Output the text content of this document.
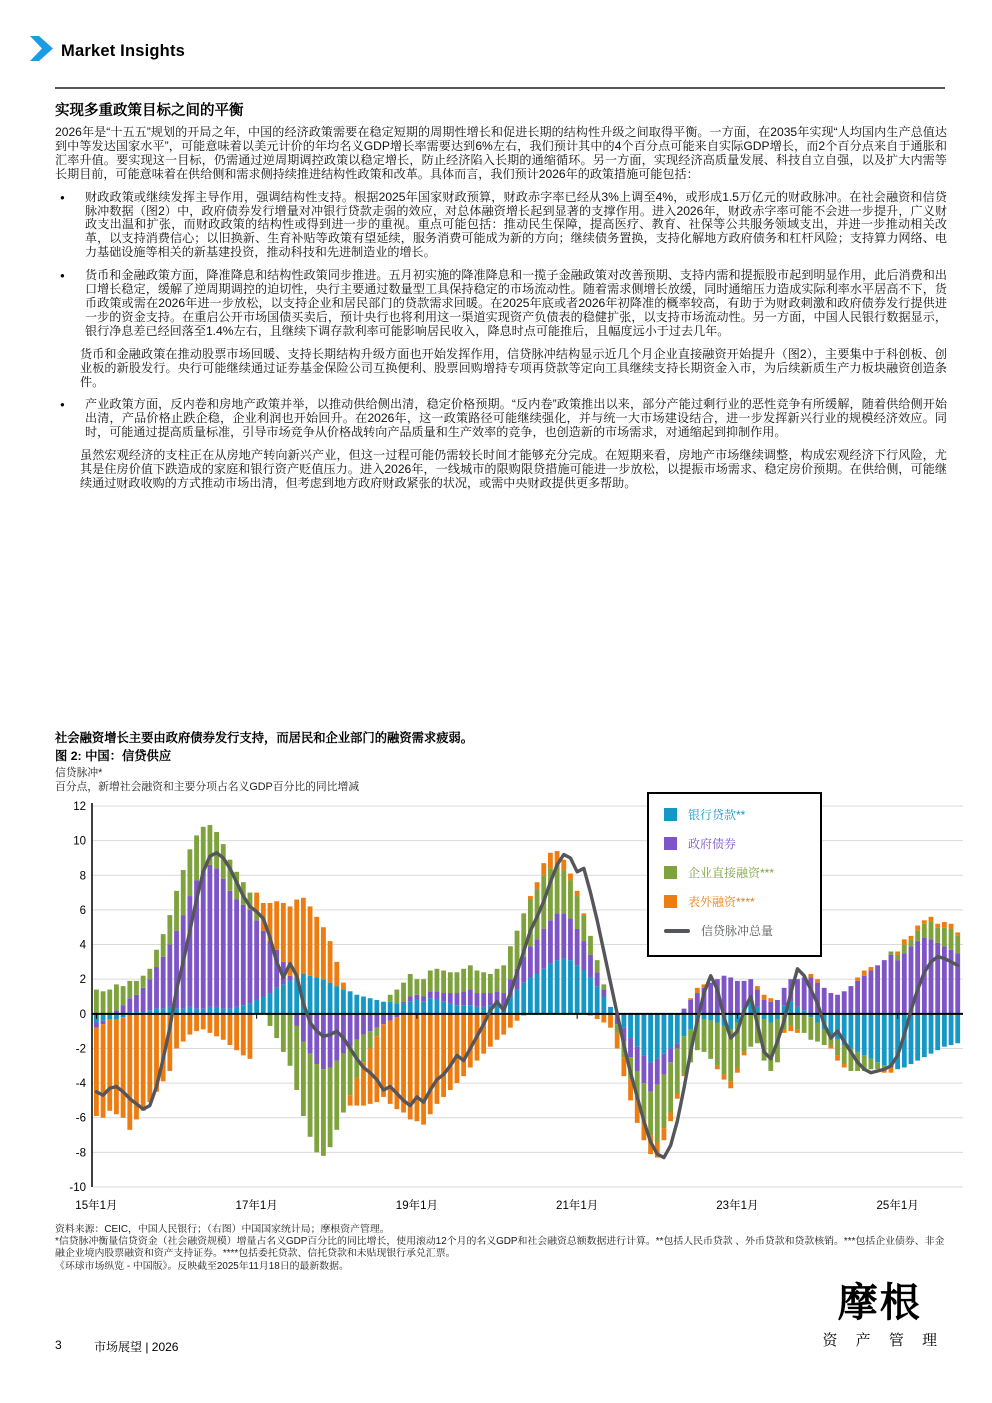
Market Insights
实现多重政策目标之间的平衡

2026年是“十五五”规划的开局之年，中国的经济政策需要在稳定短期的周期性增长和促进长期的结构性升级之间取得平衡。一方面，在2035年实现“人均国内生产总值达到中等发达国家水平”，可能意味着以美元计价的年均名义GDP增长率需要达到6%左右，我们预计其中的4个百分点可能来自实际GDP增长，而2个百分点来自于通胀和 汇率升值。要实现这一目标，仍需通过逆周期调控政策以稳定增长，防止经济陷入长期的通缩循环。另一方面，实现经济高质量发展、科技自立自强，以及扩大内需等长期目前，可能意味着在供给侧和需求侧持续推进结构性政策和改革。具体而言，我们预计2026年的政策措施可能包括：

●	财政政策或继续发挥主导作用，强调结构性支持。根据2025年国家财政预算，财政赤字率已经从3%上调至4%，或形成1.5万亿元的财政脉冲。在社会融资和信贷脉冲数据（图2）中，政府债券发行增量对冲银行贷款走弱的效应，对总体融资增长起到显著的支撑作用。进入2026年，财政赤字率可能不会进一步提升，广义财政支出温和扩张，而财政政策的结构性或得到进一步的重视。重点可能包括：推动民生保障，提高医疗、教育、社保等公共服务领域支出，并进一步推动相关改革，以支持消费信心；以旧换新、生育补贴等政策有望延续，服务消费可能成为新的方向；继续债务置换，支持化解地方政府债务和杠杆风险；支持算力网络、电力基础设施等相关的新基建投资，推动科技和先进制造业的增长。
●	货币和金融政策方面，降准降息和结构性政策同步推进。五月初实施的降准降息和一揽子金融政策对改善预期、支持内需和提振股市起到明显作用，此后消费和出口增长稳定，缓解了逆周期调控的迫切性，央行主要通过数量型工具保持稳定的市场流动性。随着需求侧增长放缓，同时通缩压力造成实际利率水平居高不下，货币政策或需在2026年进一步放松，以支持企业和居民部门的贷款需求回暖。在2025年底或者2026年初降准的概率较高，有助于为财政刺激和政府债券发行提供进一步的资金支持。在重启公开市场国债买卖后，预计央行也将利用这一渠道实现资产负债表的稳健扩张，以支持市场流动性。另一方面，中国人民银行数据显示，银行净息差已经回落至1.4%左右，且继续下调存款利率可能影响居民收入，降息时点可能推后，且幅度远小于过去几年。

货币和金融政策在推动股票市场回暖、支持长期结构升级方面也开始发挥作用，信贷脉冲结构显示近几个月企业直接融资开始提升（图2），主要集中于科创板、创业板的新股发行。央行可能继续通过证券基金保险公司互换便利、股票回购增持专项再贷款等定向工具继续支持长期资金入市，为后续新质生产力板块融资创造条件。

●	产业政策方面，反内卷和房地产政策并举，以推动供给侧出清，稳定价格预期。“反内卷”政策推出以来，部分产能过剩行业的恶性竞争有所缓解，随着供给侧开始出清，产品价格止跌企稳，企业利润也开始回升。在2026年，这一政策路径可能继续强化，并与统一大市场建设结合，进一步发挥新兴行业的规模经济效应。同时，可能通过提高质量标准，引导市场竞争从价格战转向产品质量和生产效率的竞争，也创造新的市场需求，对通缩起到抑制作用。

虽然宏观经济的支柱正在从房地产转向新兴产业，但这一过程可能仍需较长时间才能够充分完成。在短期来看，房地产市场继续调整，构成宏观经济下行风险，尤其是住房价值下跌造成的家庭和银行资产贬值压力。进入2026年，一线城市的限购限贷措施可能进一步放松，以提振市场需求、稳定房价预期。在供给侧，可能继续通过财政收购的方式推动市场出清，但考虑到地方政府财政紧张的状况，或需中央财政提供更多帮助。

社会融资增长主要由政府债券发行支持，而居民和企业部门的融资需求疲弱。
图 2: 中国：信贷供应
信贷脉冲*
百分点，新增社会融资和主要分项占名义GDP百分比的同比增减
12
10
8
6
4
2
0
-2
-4
-6
-8
-10
15年1月	17年1月	19年1月	21年1月	23年1月	25年1月
银行贷款**
政府债券
企业直接融资***
表外融资****
信贷脉冲总量
资料来源：CEIC，中国人民银行；（右图）中国国家统计局；摩根资产管理。
*信贷脉冲衡量信贷资金（社会融资规模）增量占名义GDP百分比的同比增长，使用滚动12个月的名义GDP和社会融资总额数据进行计算。**包括人民币贷款 、外币贷款和贷款核销。***包括企业债券、非金融企业境内股票融资和资产支持证券。****包括委托贷款、信托贷款和未贴现银行承兑汇票。
《环球市场纵览 - 中国版》。反映截至2025年11月18日的最新数据。
3	市场展望 | 2026
摩根
资 产 管 理
